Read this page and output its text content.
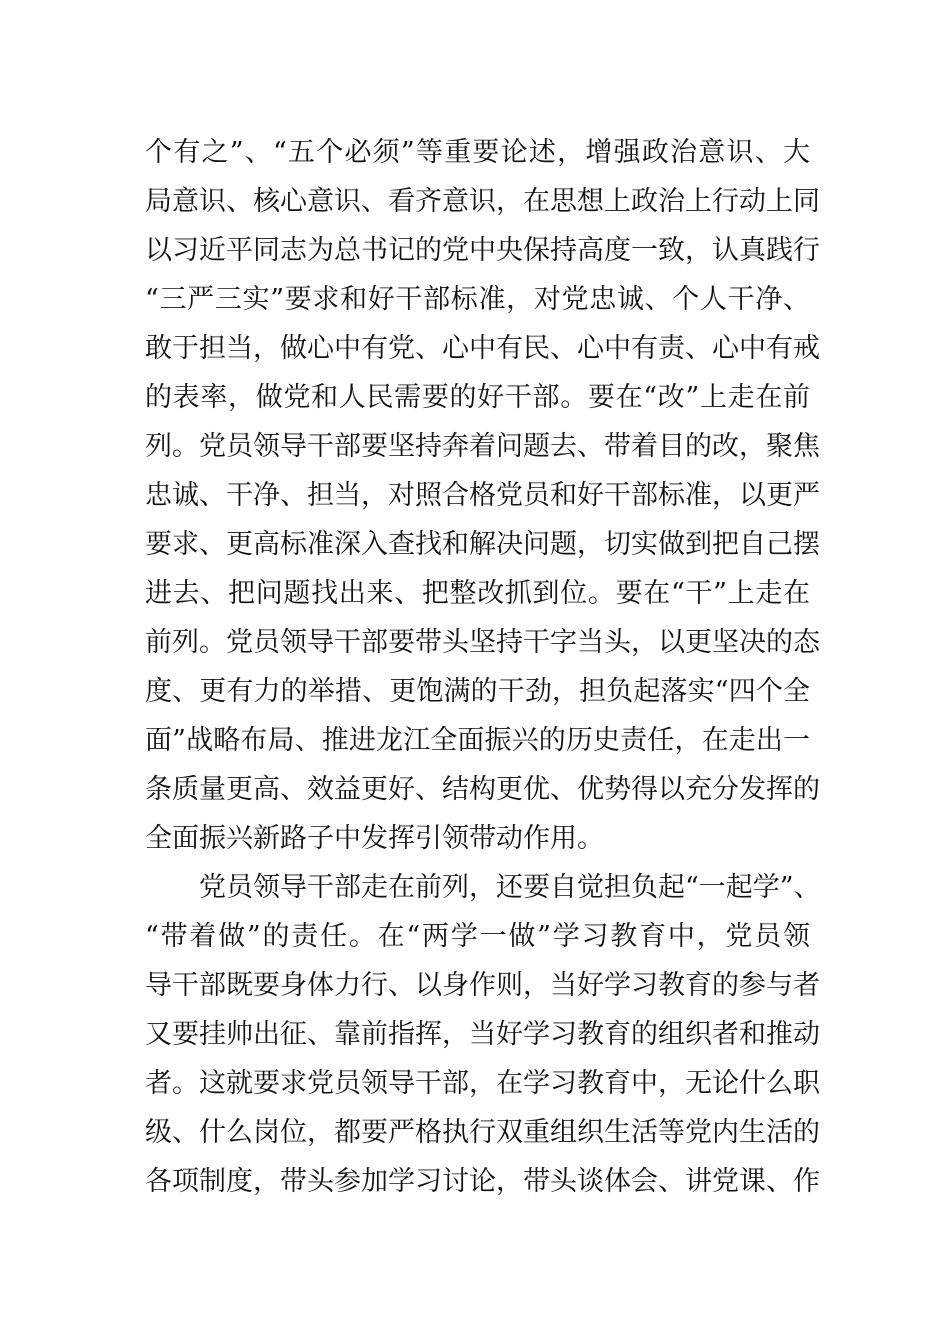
个有之”、“五个必须”等重要论述，增强政治意识、大
局意识、核心意识、看齐意识，在思想上政治上行动上同
以习近平同志为总书记的党中央保持高度一致，认真践行
“三严三实”要求和好干部标准，对党忠诚、个人干净、
敢于担当，做心中有党、心中有民、心中有责、心中有戒
的表率，做党和人民需要的好干部。要在“改”上走在前
列。党员领导干部要坚持奔着问题去、带着目的改，聚焦
忠诚、干净、担当，对照合格党员和好干部标准，以更严
要求、更高标准深入查找和解决问题，切实做到把自己摆
进去、把问题找出来、把整改抓到位。要在“干”上走在
前列。党员领导干部要带头坚持干字当头，以更坚决的态
度、更有力的举措、更饱满的干劲，担负起落实“四个全
面”战略布局、推进龙江全面振兴的历史责任，在走出一
条质量更高、效益更好、结构更优、优势得以充分发挥的
全面振兴新路子中发挥引领带动作用。
党员领导干部走在前列，还要自觉担负起“一起学”、
“带着做”的责任。在“两学一做”学习教育中，党员领
导干部既要身体力行、以身作则，当好学习教育的参与者
又要挂帅出征、靠前指挥，当好学习教育的组织者和推动
者。这就要求党员领导干部，在学习教育中，无论什么职
级、什么岗位，都要严格执行双重组织生活等党内生活的
各项制度，带头参加学习讨论，带头谈体会、讲党课、作
